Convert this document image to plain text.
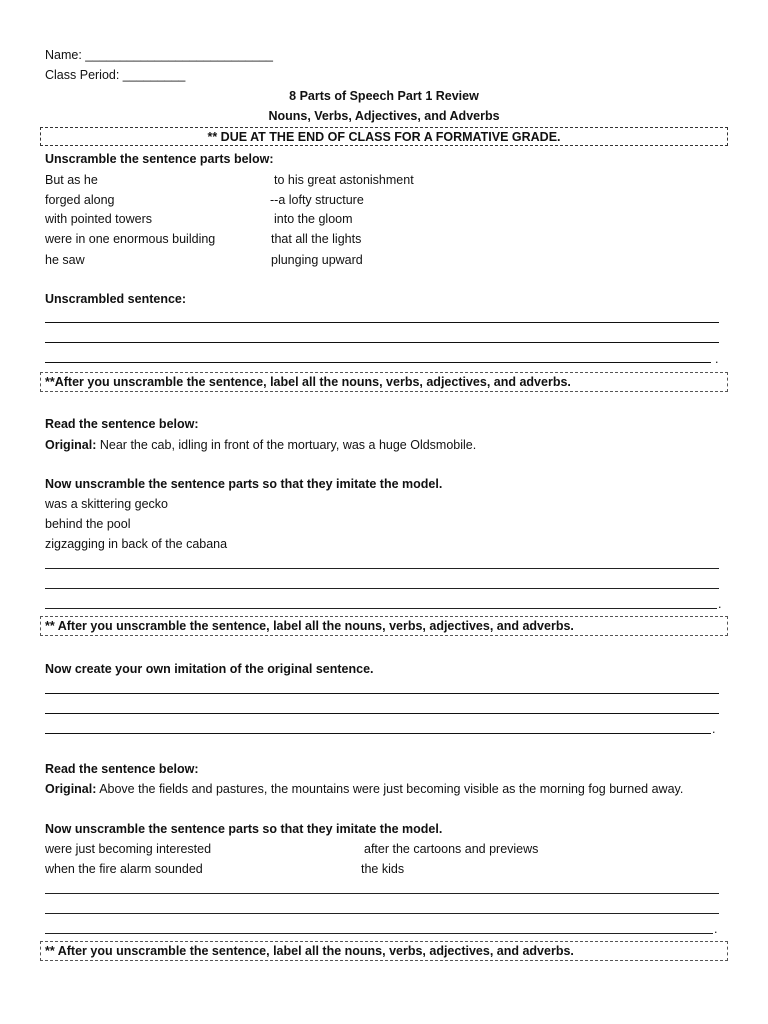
Name: ___________________________
Class Period: _________
8 Parts of Speech Part 1 Review
Nouns, Verbs, Adjectives, and Adverbs
** DUE AT THE END OF CLASS FOR A FORMATIVE GRADE.
Unscramble the sentence parts below:
But as he
forged along
with pointed towers
were in one enormous building
he saw
to his great astonishment
--a lofty structure
into the gloom
that all the lights
plunging upward
Unscrambled sentence:
.
**After you unscramble the sentence, label all the nouns, verbs, adjectives, and adverbs.
Read the sentence below:
Original: Near the cab, idling in front of the mortuary, was a huge Oldsmobile.
Now unscramble the sentence parts so that they imitate the model.
was a skittering gecko
behind the pool
zigzagging in back of the cabana
.
** After you unscramble the sentence, label all the nouns, verbs, adjectives, and adverbs.
Now create your own imitation of the original sentence.
.
Read the sentence below:
Original: Above the fields and pastures, the mountains were just becoming visible as the morning fog burned away.
Now unscramble the sentence parts so that they imitate the model.
were just becoming interested
when the fire alarm sounded
after the cartoons and previews
the kids
.
** After you unscramble the sentence, label all the nouns, verbs, adjectives, and adverbs.
